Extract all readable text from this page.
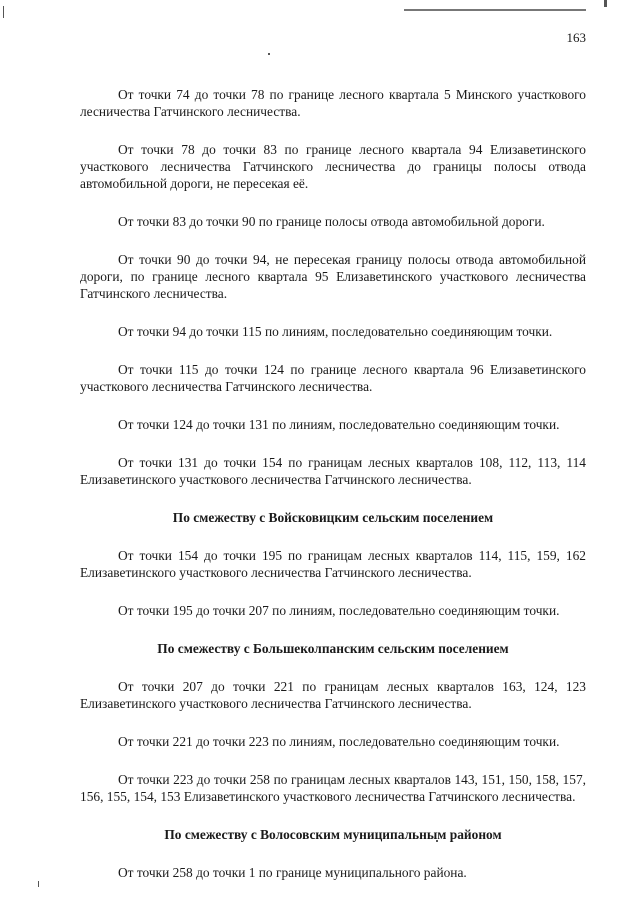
163

От точки 74 до точки 78 по границе лесного квартала 5 Минского участкового лесничества Гатчинского лесничества.

От точки 78 до точки 83 по границе лесного квартала 94 Елизаветинского участкового лесничества Гатчинского лесничества до границы полосы отвода автомобильной дороги, не пересекая её.

От точки 83 до точки 90 по границе полосы отвода автомобильной дороги.

От точки 90 до точки 94, не пересекая границу полосы отвода автомобильной дороги, по границе лесного квартала 95 Елизаветинского участкового лесничества Гатчинского лесничества.

От точки 94 до точки 115 по линиям, последовательно соединяющим точки.

От точки 115 до точки 124 по границе лесного квартала 96 Елизаветинского участкового лесничества Гатчинского лесничества.

От точки 124 до точки 131 по линиям, последовательно соединяющим точки.

От точки 131 до точки 154 по границам лесных кварталов 108, 112, 113, 114 Елизаветинского участкового лесничества Гатчинского лесничества.

По смежеству с Войсковицким сельским поселением

От точки 154 до точки 195 по границам лесных кварталов 114, 115, 159, 162 Елизаветинского участкового лесничества Гатчинского лесничества.

От точки 195 до точки 207 по линиям, последовательно соединяющим точки.

По смежеству с Большеколпанским сельским поселением

От точки 207 до точки 221 по границам лесных кварталов 163, 124, 123 Елизаветинского участкового лесничества Гатчинского лесничества.

От точки 221 до точки 223 по линиям, последовательно соединяющим точки.

От точки 223 до точки 258 по границам лесных кварталов 143, 151, 150, 158, 157, 156, 155, 154, 153 Елизаветинского участкового лесничества Гатчинского лесничества.

По смежеству с Волосовским муниципальным районом

От точки 258 до точки 1 по границе муниципального района.
